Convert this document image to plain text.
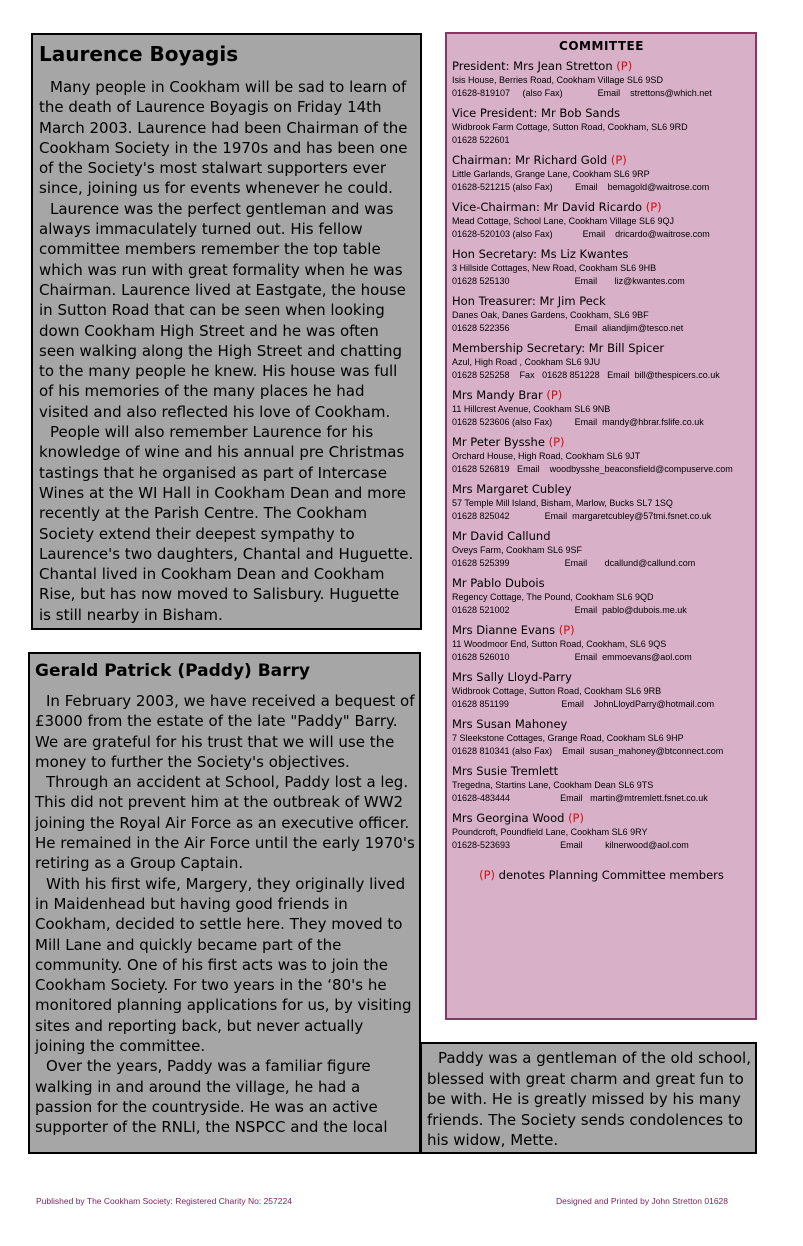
Laurence Boyagis

Many people in Cookham will be sad to learn of the death of Laurence Boyagis on Friday 14th March 2003. Laurence had been Chairman of the Cookham Society in the 1970s and has been one of the Society's most stalwart supporters ever since, joining us for events whenever he could.

Laurence was the perfect gentleman and was always immaculately turned out. His fellow committee members remember the top table which was run with great formality when he was Chairman. Laurence lived at Eastgate, the house in Sutton Road that can be seen when looking down Cookham High Street and he was often seen walking along the High Street and chatting to the many people he knew. His house was full of his memories of the many places he had visited and also reflected his love of Cookham.

People will also remember Laurence for his knowledge of wine and his annual pre Christmas tastings that he organised as part of Intercase Wines at the WI Hall in Cookham Dean and more recently at the Parish Centre. The Cookham Society extend their deepest sympathy to Laurence's two daughters, Chantal and Huguette. Chantal lived in Cookham Dean and Cookham Rise, but has now moved to Salisbury. Huguette is still nearby in Bisham.

Gerald Patrick (Paddy) Barry

In February 2003, we have received a bequest of £3000 from the estate of the late "Paddy" Barry. We are grateful for his trust that we will use the money to further the Society's objectives.

Through an accident at School, Paddy lost a leg. This did not prevent him at the outbreak of WW2 joining the Royal Air Force as an executive officer. He remained in the Air Force until the early 1970's retiring as a Group Captain.

With his first wife, Margery, they originally lived in Maidenhead but having good friends in Cookham, decided to settle here. They moved to Mill Lane and quickly became part of the community. One of his first acts was to join the Cookham Society. For two years in the ‘80's he monitored planning applications for us, by visiting sites and reporting back, but never actually joining the committee.

Over the years, Paddy was a familiar figure walking in and around the village, he had a passion for the countryside. He was an active supporter of the RNLI, the NSPCC and the local

Paddy was a gentleman of the old school, blessed with great charm and great fun to be with. He is greatly missed by his many friends. The Society sends condolences to his widow, Mette.

COMMITTEE
President: Mrs Jean Stretton (P)
Isis House, Berries Road, Cookham Village SL6 9SD
01628-819107     (also Fax)              Email    strettons@which.net
Vice President: Mr Bob Sands
Widbrook Farm Cottage, Sutton Road, Cookham, SL6 9RD
01628 522601
Chairman: Mr Richard Gold (P)
Little Garlands, Grange Lane, Cookham SL6 9RP
01628-521215 (also Fax)         Email    bemagold@waitrose.com
Vice-Chairman: Mr David Ricardo (P)
Mead Cottage, School Lane, Cookham Village SL6 9QJ
01628-520103 (also Fax)            Email    dricardo@waitrose.com
Hon Secretary: Ms Liz Kwantes
3 Hillside Cottages, New Road, Cookham SL6 9HB
01628 525130                          Email       liz@kwantes.com
Hon Treasurer: Mr Jim Peck
Danes Oak, Danes Gardens, Cookham, SL6 9BF
01628 522356                          Email  aliandjim@tesco.net
Membership Secretary: Mr Bill Spicer
Azul, High Road , Cookham SL6 9JU
01628 525258    Fax   01628 851228   Email  bill@thespicers.co.uk
Mrs Mandy Brar (P)
11 Hillcrest Avenue, Cookham SL6 9NB
01628 523606 (also Fax)         Email  mandy@hbrar.fslife.co.uk
Mr Peter Bysshe (P)
Orchard House, High Road, Cookham SL6 9JT
01628 526819   Email    woodbysshe_beaconsfield@compuserve.com
Mrs Margaret Cubley
57 Temple Mill Island, Bisham, Marlow, Bucks SL7 1SQ
01628 825042              Email  margaretcubley@57tmi.fsnet.co.uk
Mr David Callund
Oveys Farm, Cookham SL6 9SF
01628 525399                      Email       dcallund@callund.com
Mr Pablo Dubois
Regency Cottage, The Pound, Cookham SL6 9QD
01628 521002                          Email  pablo@dubois.me.uk
Mrs Dianne Evans (P)
11 Woodmoor End, Sutton Road, Cookham, SL6 9QS
01628 526010                          Email  emmoevans@aol.com
Mrs Sally Lloyd-Parry
Widbrook Cottage, Sutton Road, Cookham SL6 9RB
01628 851199                     Email    JohnLloydParry@hotmail.com
Mrs Susan Mahoney
7 Sleekstone Cottages, Grange Road, Cookham SL6 9HP
01628 810341 (also Fax)    Email  susan_mahoney@btconnect.com
Mrs Susie Tremlett
Tregedna, Startins Lane, Cookham Dean SL6 9TS
01628-483444                    Email   martin@mtremlett.fsnet.co.uk
Mrs Georgina Wood (P)
Poundcroft, Poundfield Lane, Cookham SL6 9RY
01628-523693                    Email         kilnerwood@aol.com
(P) denotes Planning Committee members
Published by The Cookham Society: Registered Charity No: 257224	Designed and Printed by John Stretton 01628
